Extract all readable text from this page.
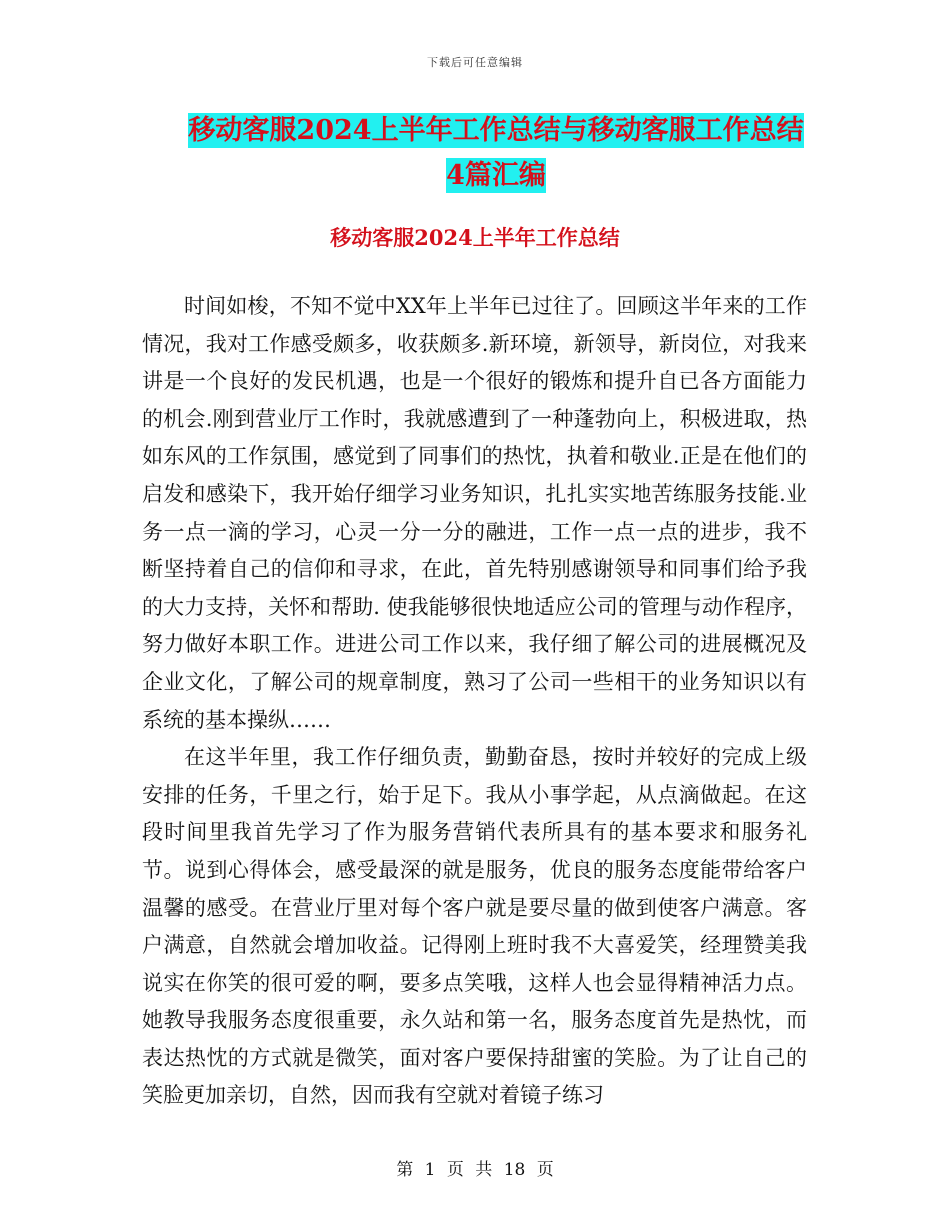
下载后可任意编辑
移动客服2024上半年工作总结与移动客服工作总结4篇汇编
移动客服2024上半年工作总结

时间如梭，不知不觉中XX年上半年已过往了。回顾这半年来的工作情况，我对工作感受颇多，收获颇多.新环境，新领导，新岗位，对我来讲是一个良好的发民机遇，也是一个很好的锻炼和提升自已各方面能力的机会.刚到营业厅工作时，我就感遭到了一种蓬勃向上，积极进取，热如东风的工作氛围，感觉到了同事们的热忱，执着和敬业.正是在他们的启发和感染下，我开始仔细学习业务知识，扎扎实实地苦练服务技能.业务一点一滴的学习，心灵一分一分的融进，工作一点一点的进步，我不断坚持着自己的信仰和寻求，在此，首先特别感谢领导和同事们给予我的大力支持，关怀和帮助. 使我能够很快地适应公司的管理与动作程序，努力做好本职工作。进进公司工作以来，我仔细了解公司的进展概况及企业文化，了解公司的规章制度，熟习了公司一些相干的业务知识以有系统的基本操纵……

在这半年里，我工作仔细负责，勤勤奋恳，按时并较好的完成上级安排的任务，千里之行，始于足下。我从小事学起，从点滴做起。在这段时间里我首先学习了作为服务营销代表所具有的基本要求和服务礼节。说到心得体会，感受最深的就是服务，优良的服务态度能带给客户温馨的感受。在营业厅里对每个客户就是要尽量的做到使客户满意。客户满意，自然就会增加收益。记得刚上班时我不大喜爱笑，经理赞美我说实在你笑的很可爱的啊，要多点笑哦，这样人也会显得精神活力点。她教导我服务态度很重要，永久站和第一名，服务态度首先是热忱，而表达热忱的方式就是微笑，面对客户要保持甜蜜的笑脸。为了让自己的笑脸更加亲切，自然，因而我有空就对着镜子练习

第 1 页 共 18 页
